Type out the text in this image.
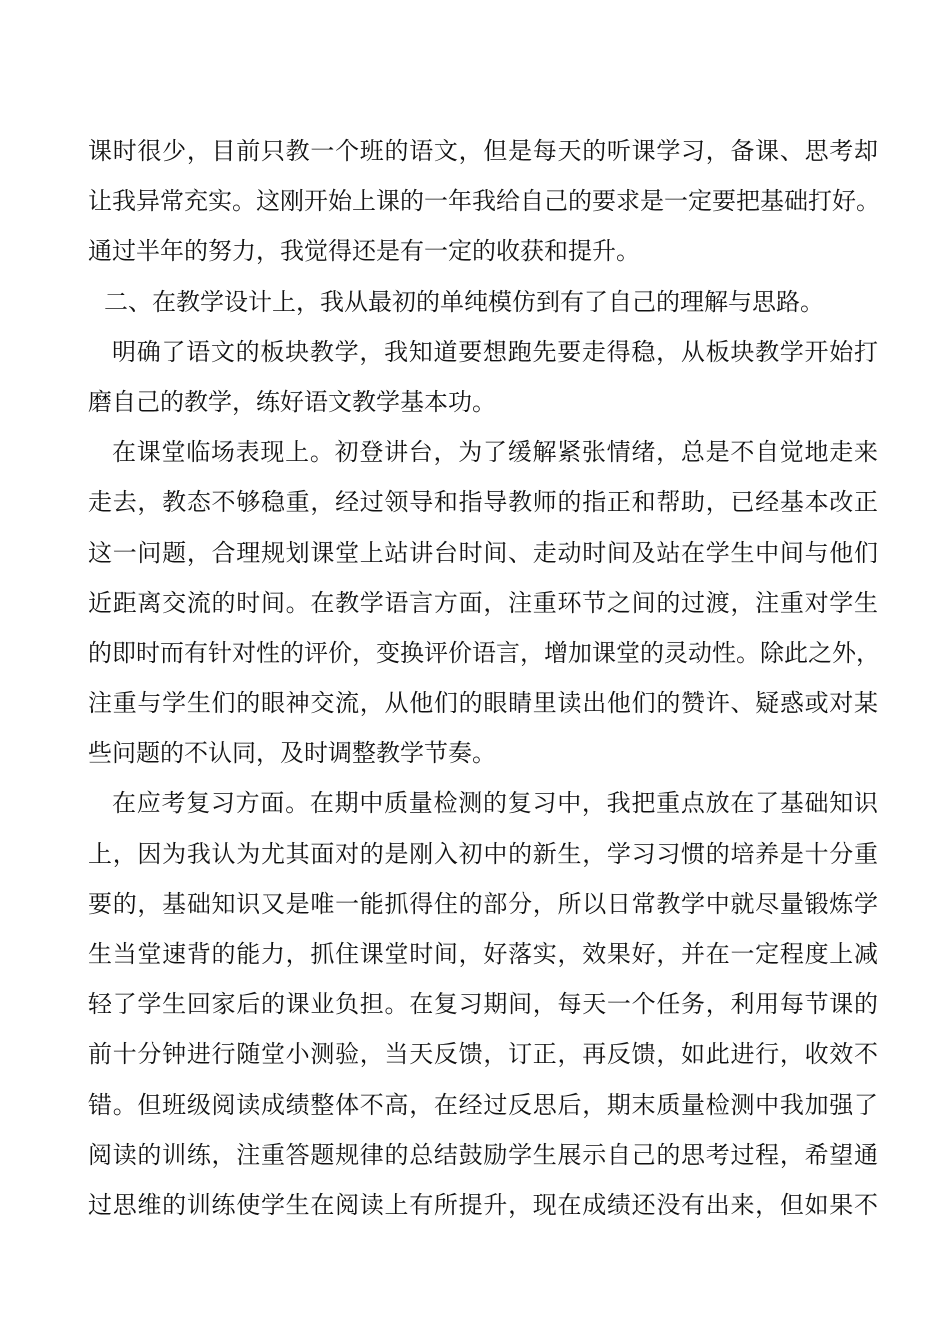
课时很少，目前只教一个班的语文，但是每天的听课学习，备课、思考却
让我异常充实。这刚开始上课的一年我给自己的要求是一定要把基础打好。
通过半年的努力，我觉得还是有一定的收获和提升。
二、在教学设计上，我从最初的单纯模仿到有了自己的理解与思路。
明确了语文的板块教学，我知道要想跑先要走得稳，从板块教学开始打
磨自己的教学，练好语文教学基本功。
在课堂临场表现上。初登讲台，为了缓解紧张情绪，总是不自觉地走来
走去，教态不够稳重，经过领导和指导教师的指正和帮助，已经基本改正
这一问题，合理规划课堂上站讲台时间、走动时间及站在学生中间与他们
近距离交流的时间。在教学语言方面，注重环节之间的过渡，注重对学生
的即时而有针对性的评价，变换评价语言，增加课堂的灵动性。除此之外，
注重与学生们的眼神交流，从他们的眼睛里读出他们的赞许、疑惑或对某
些问题的不认同，及时调整教学节奏。
在应考复习方面。在期中质量检测的复习中，我把重点放在了基础知识
上，因为我认为尤其面对的是刚入初中的新生，学习习惯的培养是十分重
要的，基础知识又是唯一能抓得住的部分，所以日常教学中就尽量锻炼学
生当堂速背的能力，抓住课堂时间，好落实，效果好，并在一定程度上减
轻了学生回家后的课业负担。在复习期间，每天一个任务，利用每节课的
前十分钟进行随堂小测验，当天反馈，订正，再反馈，如此进行，收效不
错。但班级阅读成绩整体不高，在经过反思后，期末质量检测中我加强了
阅读的训练，注重答题规律的总结鼓励学生展示自己的思考过程，希望通
过思维的训练使学生在阅读上有所提升，现在成绩还没有出来，但如果不
